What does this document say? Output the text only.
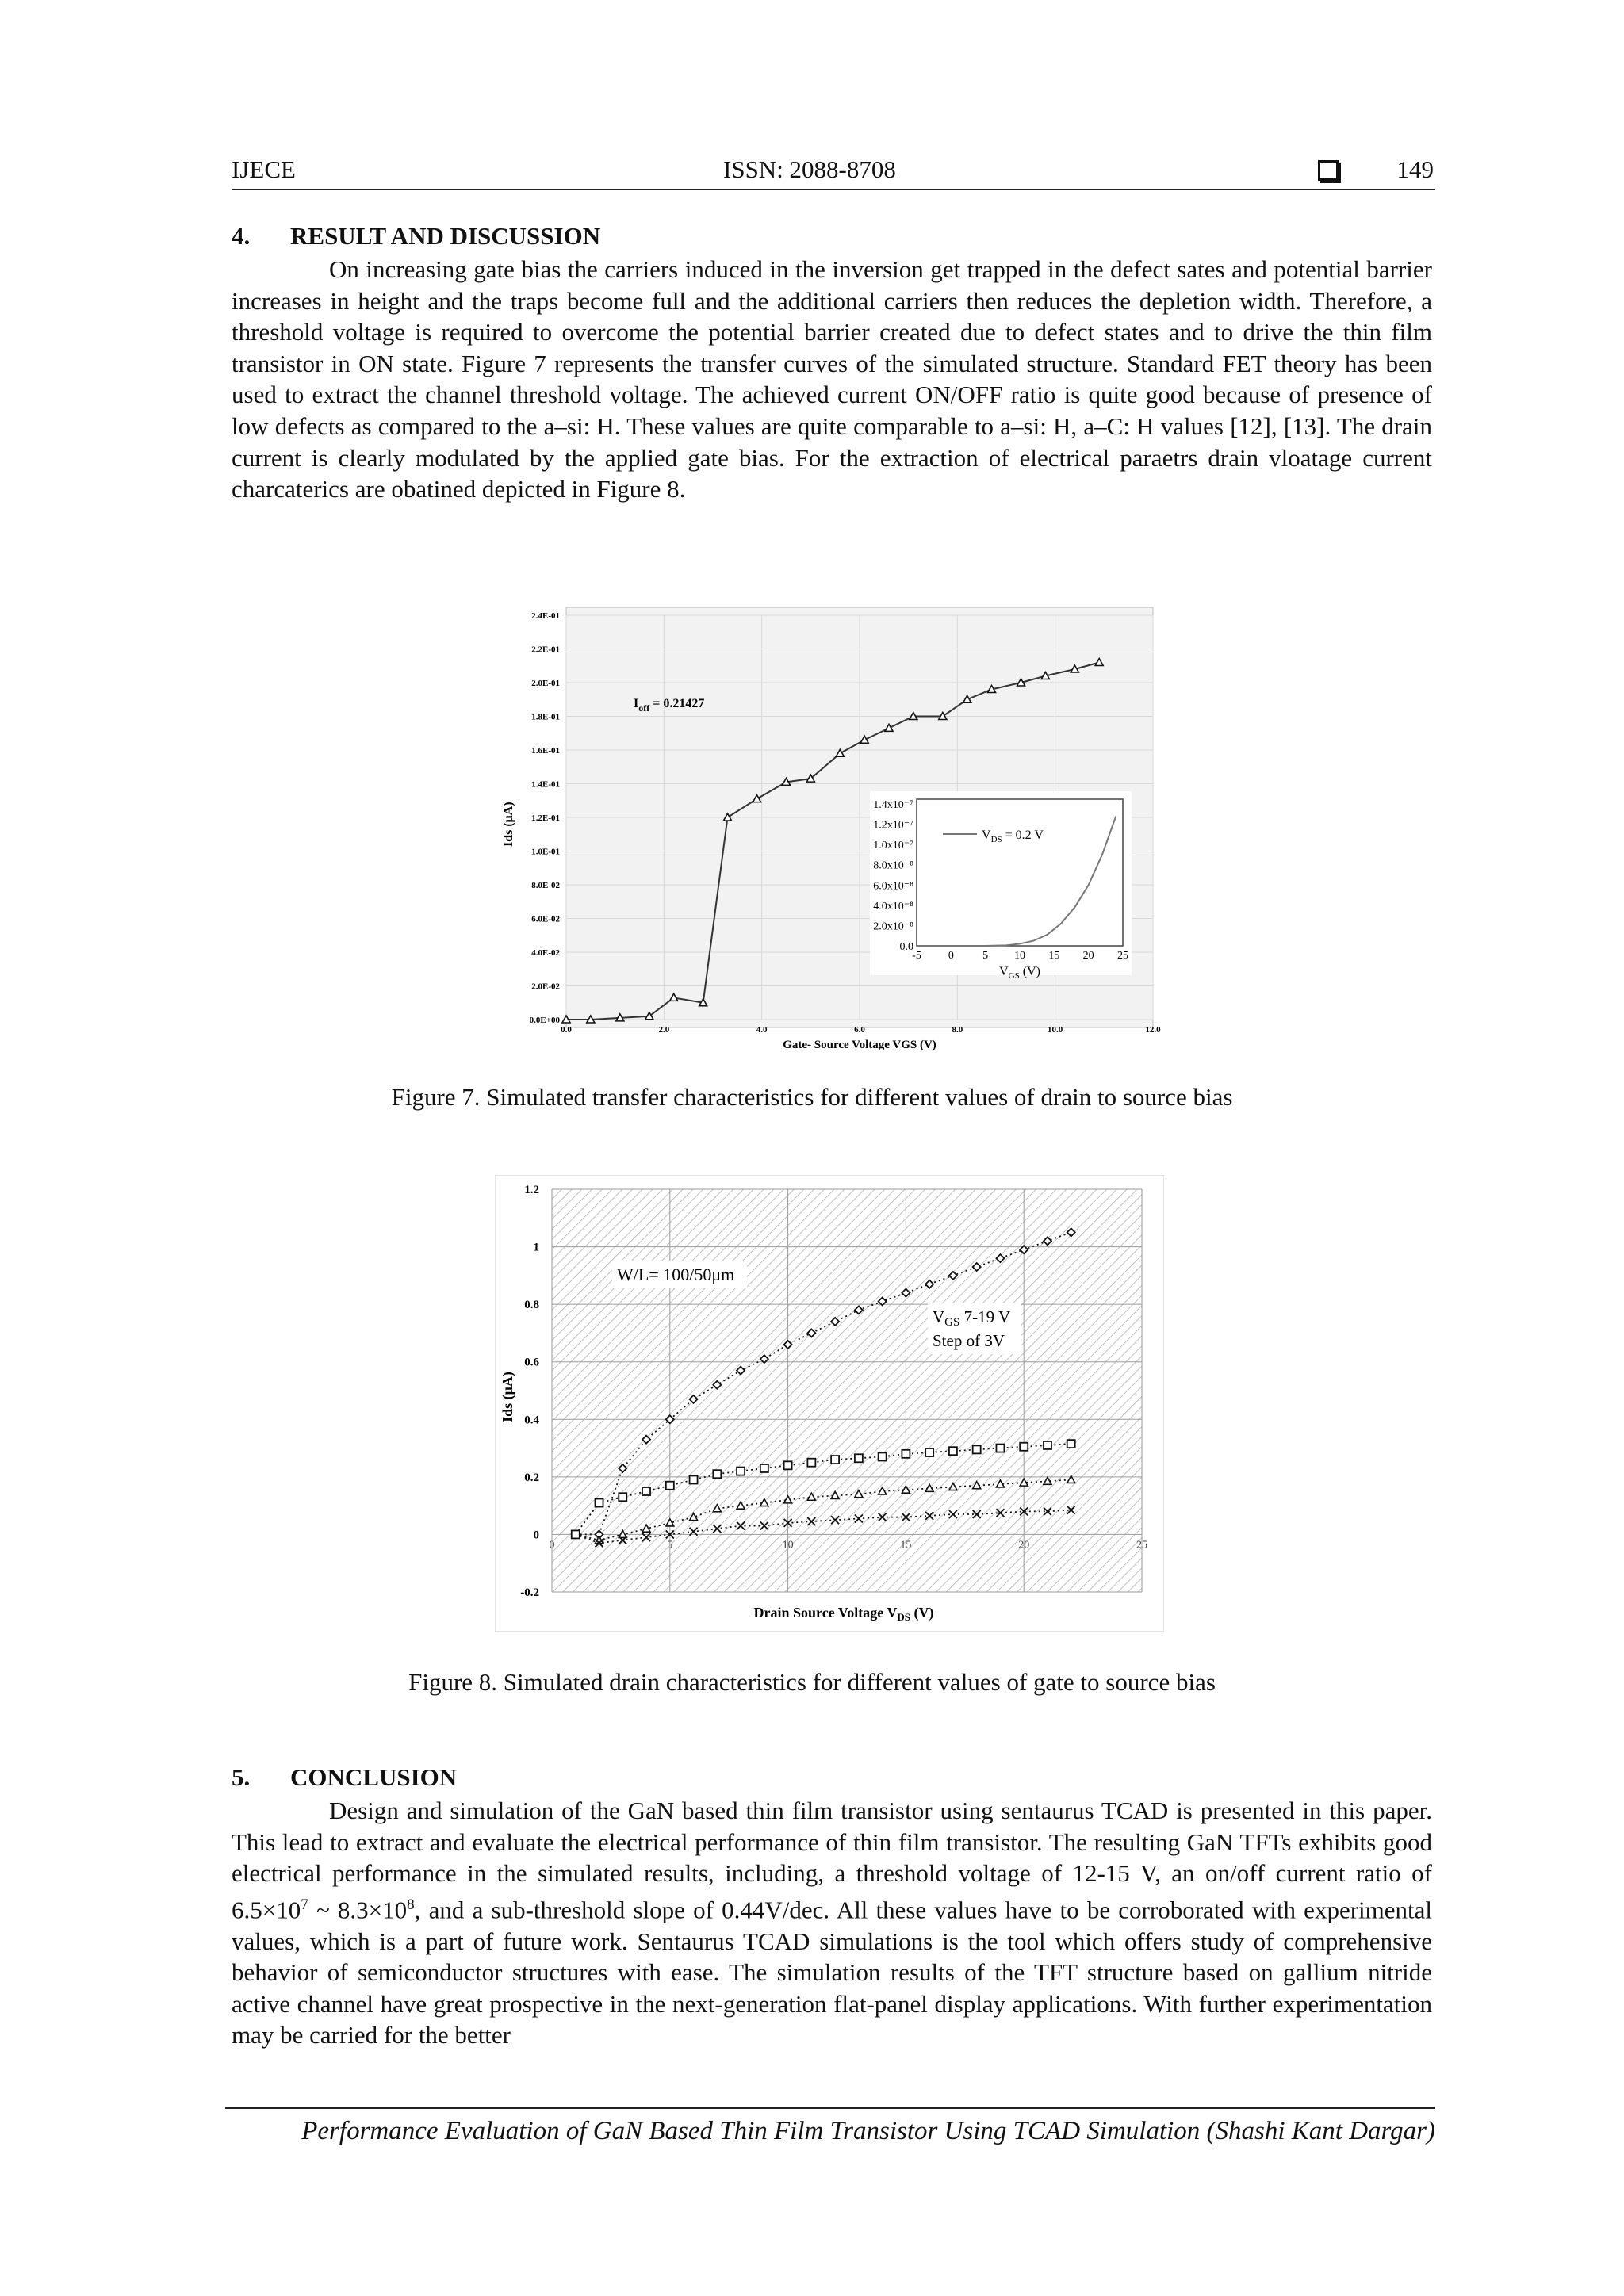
IJECE	ISSN: 2088-8708	149
4. RESULT AND DISCUSSION

On increasing gate bias the carriers induced in the inversion get trapped in the defect sates and potential barrier increases in height and the traps become full and the additional carriers then reduces the depletion width. Therefore, a threshold voltage is required to overcome the potential barrier created due to defect states and to drive the thin film transistor in ON state. Figure 7 represents the transfer curves of the simulated structure. Standard FET theory has been used to extract the channel threshold voltage. The achieved current ON/OFF ratio is quite good because of presence of low defects as compared to the a–si: H. These values are quite comparable to a–si: H, a–C: H values [12], [13]. The drain current is clearly modulated by the applied gate bias. For the extraction of electrical paraetrs drain vloatage current charcaterics are obatined depicted in Figure 8.

0.0E+00
2.0E-02
4.0E-02
6.0E-02
8.0E-02
1.0E-01
1.2E-01
1.4E-01
1.6E-01
1.8E-01
2.0E-01
2.2E-01
2.4E-01
0.0	2.0	4.0	6.0	8.0	10.0	12.0
Ids (μA)
Gate- Source Voltage VGS (V)
$I_{off} = 0.21427$
0.0
2.0x10⁻⁸
4.0x10⁻⁸
6.0x10⁻⁸
8.0x10⁻⁸
1.0x10⁻⁷
1.2x10⁻⁷
1.4x10⁻⁷
-5 0	5 10 15 20 25
$V_{DS} = 0.2$ V
$V_{GS}$ (V)
Figure 7. Simulated transfer characteristics for different values of drain to source bias
-0.2
0
0.2
0.4
0.6
0.8
1
1.2
0	5	10	15	20	25
Ids (μA)
Drain Source Voltage $V_{DS}$ (V)
W/L= 100/50μm
VGS 7-19 V
Step of 3V
Figure 8. Simulated drain characteristics for different values of gate to source bias
5. CONCLUSION

Design and simulation of the GaN based thin film transistor using sentaurus TCAD is presented in this paper. This lead to extract and evaluate the electrical performance of thin film transistor. The resulting GaN TFTs exhibits good electrical performance in the simulated results, including, a threshold voltage of 12-15 V, an on/off current ratio of $6.5\times 10^7$ ~ $8.3\times 10^8$, and a sub-threshold slope of 0.44V/dec. All these values have to be corroborated with experimental values, which is a part of future work. Sentaurus TCAD simulations is the tool which offers study of comprehensive behavior of semiconductor structures with ease. The simulation results of the TFT structure based on gallium nitride active channel have great prospective in the next-generation flat-panel display applications. With further experimentation may be carried for the better

Performance Evaluation of GaN Based Thin Film Transistor Using TCAD Simulation (Shashi Kant Dargar)
